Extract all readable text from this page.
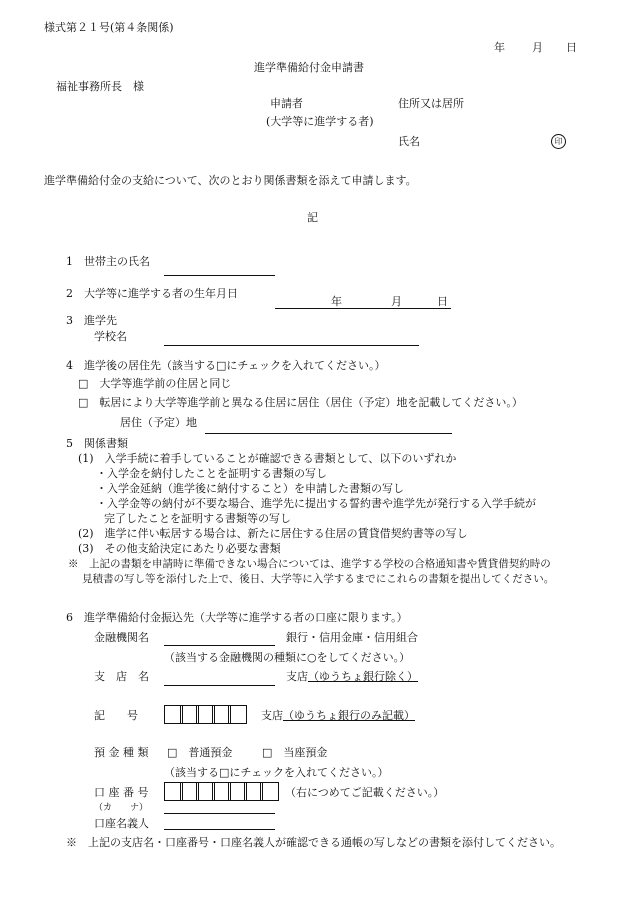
様式第２１号(第４条関係)
年 月 日
進学準備給付金申請書
福祉事務所長　様
申請者	住所又は居所
(大学等に進学する者)
氏名	印
進学準備給付金の支給について、次のとおり関係書類を添えて申請します。
記
1　世帯主の氏名
2　大学等に進学する者の生年月日
年	月	日
3　進学先
学校名
4　進学後の居住先（該当する□にチェックを入れてください。）
□　大学等進学前の住居と同じ
□　転居により大学等進学前と異なる住居に居住（居住（予定）地を記載してください。）
居住（予定）地
5　関係書類
(1)　入学手続に着手していることが確認できる書類として、以下のいずれか
・入学金を納付したことを証明する書類の写し
・入学金延納（進学後に納付すること）を申請した書類の写し
・入学金等の納付が不要な場合、進学先に提出する誓約書や進学先が発行する入学手続が
完了したことを証明する書類等の写し
(2)　進学に伴い転居する場合は、新たに居住する住居の賃貸借契約書等の写し
(3)　その他支給決定にあたり必要な書類
※　上記の書類を申請時に準備できない場合については、進学する学校の合格通知書や賃貸借契約時の
見積書の写し等を添付した上で、後日、大学等に入学するまでにこれらの書類を提出してください。
6　進学準備給付金振込先（大学等に進学する者の口座に限ります。）
金融機関名	銀行・信用金庫・信用組合
（該当する金融機関の種類に○をしてください。）
支　店　名	支店 （ゆうちょ銀行除く）
記　　号	支店 （ゆうちょ銀行のみ記載）
預 金 種 類 □　普通預金	□　当座預金
（該当する□にチェックを入れてください。）
口 座 番 号	（右につめてご記載ください。）
（カ　　ナ）
口座名義人
※　上記の支店名・口座番号・口座名義人が確認できる通帳の写しなどの書類を添付してください。
